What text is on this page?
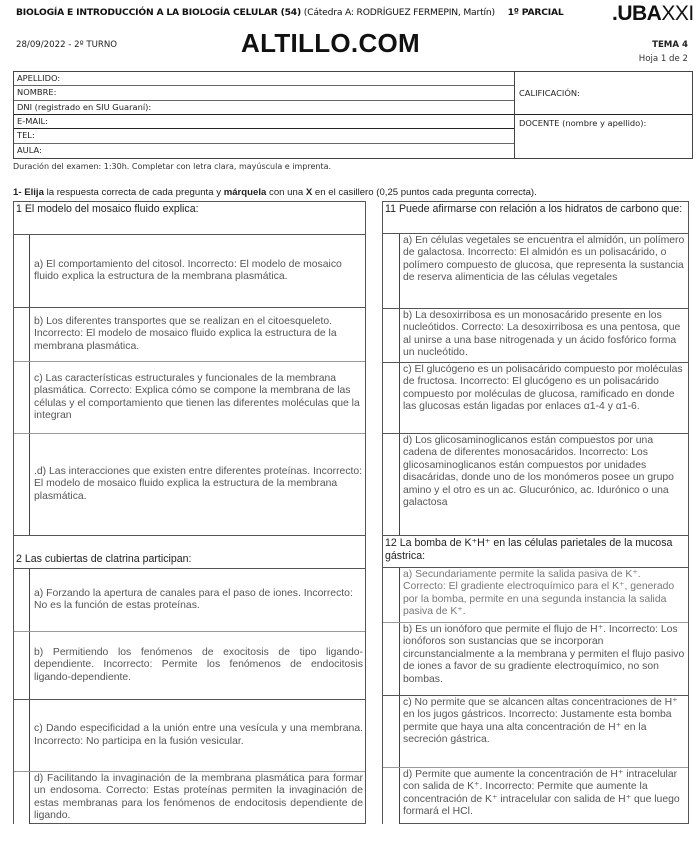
BIOLOGÍA E INTRODUCCIÓN A LA BIOLOGÍA CELULAR (54) (Cátedra A: RODRÍGUEZ FERMEPIN, Martín) 1º PARCIAL .UBAXXI
28/09/2022 - 2º TURNO	ALTILLO.COM	TEMA 4
Hoja 1 de 2
APELLIDO:
NOMBRE:
DNI (registrado en SIU Guaraní):
E-MAIL:
TEL:
AULA:
CALIFICACIÓN:
DOCENTE (nombre y apellido):
Duración del examen: 1:30h. Completar con letra clara, mayúscula e imprenta.
1- Elija la respuesta correcta de cada pregunta y márquela con una X en el casillero (0,25 puntos cada pregunta correcta).
1 El modelo del mosaico fluido explica:
a) El comportamiento del citosol. Incorrecto: El modelo de mosaico fluido explica la estructura de la membrana plasmática.
b) Los diferentes transportes que se realizan en el citoesqueleto. Incorrecto: El modelo de mosaico fluido explica la estructura de la membrana plasmática.
c) Las características estructurales y funcionales de la membrana plasmática. Correcto: Explica cómo se compone la membrana de las células y el comportamiento que tienen las diferentes moléculas que la integran
.d) Las interacciones que existen entre diferentes proteínas. Incorrecto: El modelo de mosaico fluido explica la estructura de la membrana plasmática.
2 Las cubiertas de clatrina participan:
a) Forzando la apertura de canales para el paso de iones. Incorrecto: No es la función de estas proteínas.
b) Permitiendo los fenómenos de exocitosis de tipo ligando-dependiente. Incorrecto: Permite los fenómenos de endocitosis ligando-dependiente.
c) Dando especificidad a la unión entre una vesícula y una membrana. Incorrecto: No participa en la fusión vesicular.
d) Facilitando la invaginación de la membrana plasmática para formar un endosoma. Correcto: Estas proteínas permiten la invaginación de estas membranas para los fenómenos de endocitosis dependiente de ligando.
11 Puede afirmarse con relación a los hidratos de carbono que:
a) En células vegetales se encuentra el almidón, un polímero de galactosa. Incorrecto: El almidón es un polisacárido, o polímero compuesto de glucosa, que representa la sustancia de reserva alimenticia de las células vegetales
b) La desoxirribosa es un monosacárido presente en los nucleótidos. Correcto: La desoxirribosa es una pentosa, que al unirse a una base nitrogenada y un ácido fosfórico forma un nucleótido.
c) El glucógeno es un polisacárido compuesto por moléculas de fructosa. Incorrecto: El glucógeno es un polisacárido compuesto por moléculas de glucosa, ramificado en donde las glucosas están ligadas por enlaces α1-4 y α1-6.
d) Los glicosaminoglicanos están compuestos por una cadena de diferentes monosacáridos. Incorrecto: Los glicosaminoglicanos están compuestos por unidades disacáridas, donde uno de los monómeros posee un grupo amino y el otro es un ac. Glucurónico, ac. Idurónico o una galactosa
12 La bomba de K⁺H⁺ en las células parietales de la mucosa gástrica:
a) Secundariamente permite la salida pasiva de K⁺. Correcto: El gradiente electroquímico para el K⁺, generado por la bomba, permite en una segunda instancia la salida pasiva de K⁺.
b) Es un ionóforo que permite el flujo de H⁺. Incorrecto: Los ionóforos son sustancias que se incorporan circunstancialmente a la membrana y permiten el flujo pasivo de iones a favor de su gradiente electroquímico, no son bombas.
c) No permite que se alcancen altas concentraciones de H⁺ en los jugos gástricos. Incorrecto: Justamente esta bomba permite que haya una alta concentración de H⁺ en la secreción gástrica.
d) Permite que aumente la concentración de H⁺ intracelular con salida de K⁺. Incorrecto: Permite que aumente la concentración de K⁺ intracelular con salida de H⁺ que luego formará el HCl.
